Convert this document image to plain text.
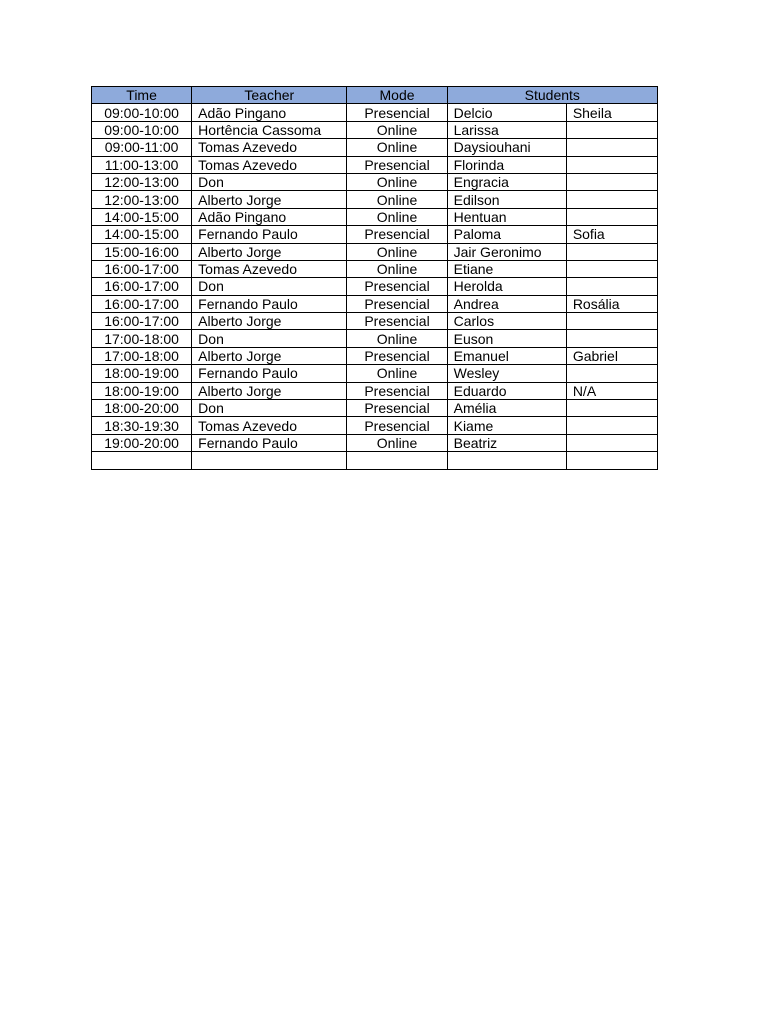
Time	Teacher	Mode	Students	
09:00-10:00	Adão Pingano	Presencial	Delcio	Sheila
09:00-10:00	Hortência Cassoma	Online	Larissa	
09:00-11:00	Tomas Azevedo	Online	Daysiouhani	
11:00-13:00	Tomas Azevedo	Presencial	Florinda	
12:00-13:00	Don	Online	Engracia	
12:00-13:00	Alberto Jorge	Online	Edilson	
14:00-15:00	Adão Pingano	Online	Hentuan	
14:00-15:00	Fernando Paulo	Presencial	Paloma	Sofia
15:00-16:00	Alberto Jorge	Online	Jair Geronimo	
16:00-17:00	Tomas Azevedo	Online	Etiane	
16:00-17:00	Don	Presencial	Herolda	
16:00-17:00	Fernando Paulo	Presencial	Andrea	Rosália
16:00-17:00	Alberto Jorge	Presencial	Carlos	
17:00-18:00	Don	Online	Euson	
17:00-18:00	Alberto Jorge	Presencial	Emanuel	Gabriel
18:00-19:00	Fernando Paulo	Online	Wesley	
18:00-19:00	Alberto Jorge	Presencial	Eduardo	N/A
18:00-20:00	Don	Presencial	Amélia	
18:30-19:30	Tomas Azevedo	Presencial	Kiame	
19:00-20:00	Fernando Paulo	Online	Beatriz	
